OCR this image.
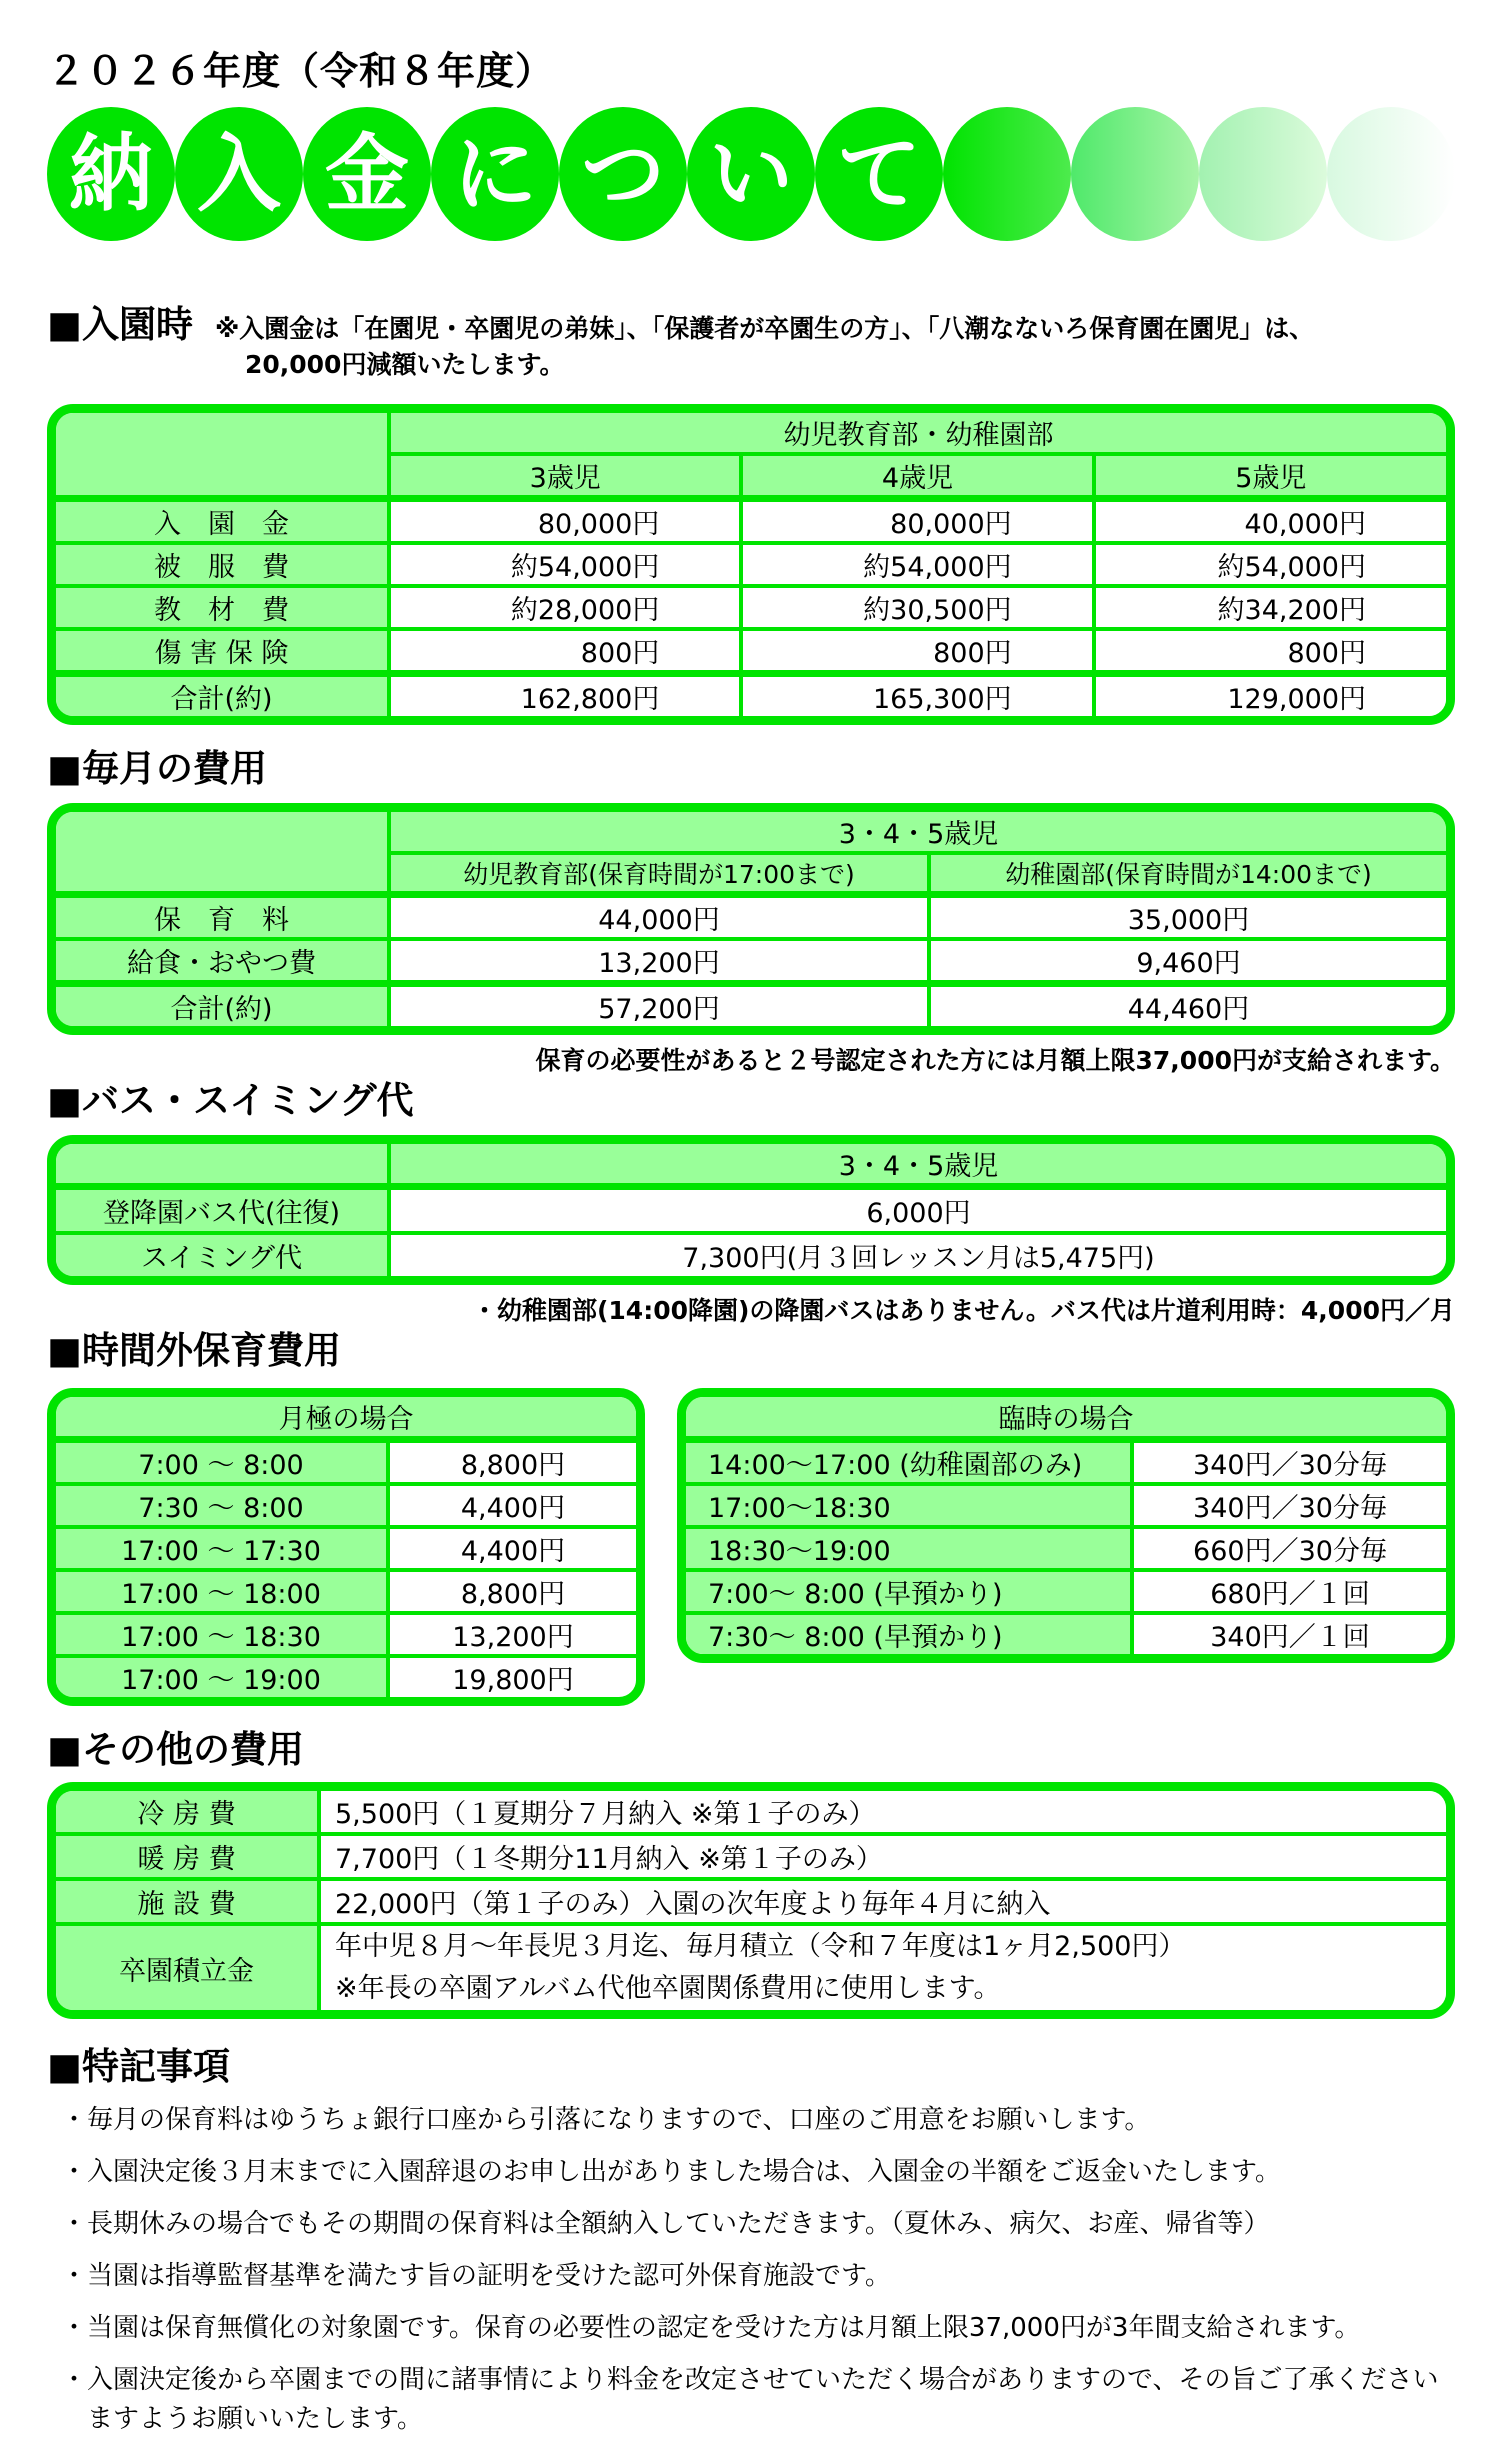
２０２６年度（令和８年度）
納 入 金 に つ い て
■入園時 ※入園金は「在園児・卒園児の弟妹」、「保護者が卒園生の方」、「八潮なないろ保育園在園児」は、
20,000円減額いたします。
	幼児教育部・幼稚園部		
	3歳児	4歳児	5歳児
入　園　金	80,000円	80,000円	40,000円
被　服　費	約54,000円	約54,000円	約54,000円
教　材　費	約28,000円	約30,500円	約34,200円
傷 害 保 険	800円	800円	800円
合計(約)	162,800円	165,300円	129,000円
■毎月の費用
	3・4・5歳児	
	幼児教育部(保育時間が17:00まで)	幼稚園部(保育時間が14:00まで)
保　育　料	44,000円	35,000円
給食・おやつ費	13,200円	9,460円
合計(約)	57,200円	44,460円
保育の必要性があると２号認定された方には月額上限37,000円が支給されます。
■バス・スイミング代
	3・4・5歳児
登降園バス代(往復)	6,000円
スイミング代	7,300円(月３回レッスン月は5,475円)
・幼稚園部(14:00降園)の降園バスはありません。バス代は片道利用時：4,000円／月
■時間外保育費用
月極の場合	
7:00 ～ 8:00	8,800円
7:30 ～ 8:00	4,400円
17:00 ～ 17:30	4,400円
17:00 ～ 18:00	8,800円
17:00 ～ 18:30	13,200円
17:00 ～ 19:00	19,800円
臨時の場合	
14:00～17:00 (幼稚園部のみ)	340円／30分毎
17:00～18:30	340円／30分毎
18:30～19:00	660円／30分毎
7:00～ 8:00 (早預かり)	680円／１回
7:30～ 8:00 (早預かり)	340円／１回
■その他の費用
冷 房 費	5,500円（１夏期分７月納入 ※第１子のみ）
暖 房 費	7,700円（１冬期分11月納入 ※第１子のみ）
施 設 費	22,000円（第１子のみ）入園の次年度より毎年４月に納入
卒園積立金	年中児８月～年長児３月迄、毎月積立（令和７年度は1ヶ月2,500円）
※年長の卒園アルバム代他卒園関係費用に使用します。
■特記事項
・毎月の保育料はゆうちょ銀行口座から引落になりますので、口座のご用意をお願いします。
・入園決定後３月末までに入園辞退のお申し出がありました場合は、入園金の半額をご返金いたします。
・長期休みの場合でもその期間の保育料は全額納入していただきます。（夏休み、病欠、お産、帰省等）
・当園は指導監督基準を満たす旨の証明を受けた認可外保育施設です。
・当園は保育無償化の対象園です。保育の必要性の認定を受けた方は月額上限37,000円が3年間支給されます。
・入園決定後から卒園までの間に諸事情により料金を改定させていただく場合がありますので、その旨ご了承くださいますようお願いいたします。
